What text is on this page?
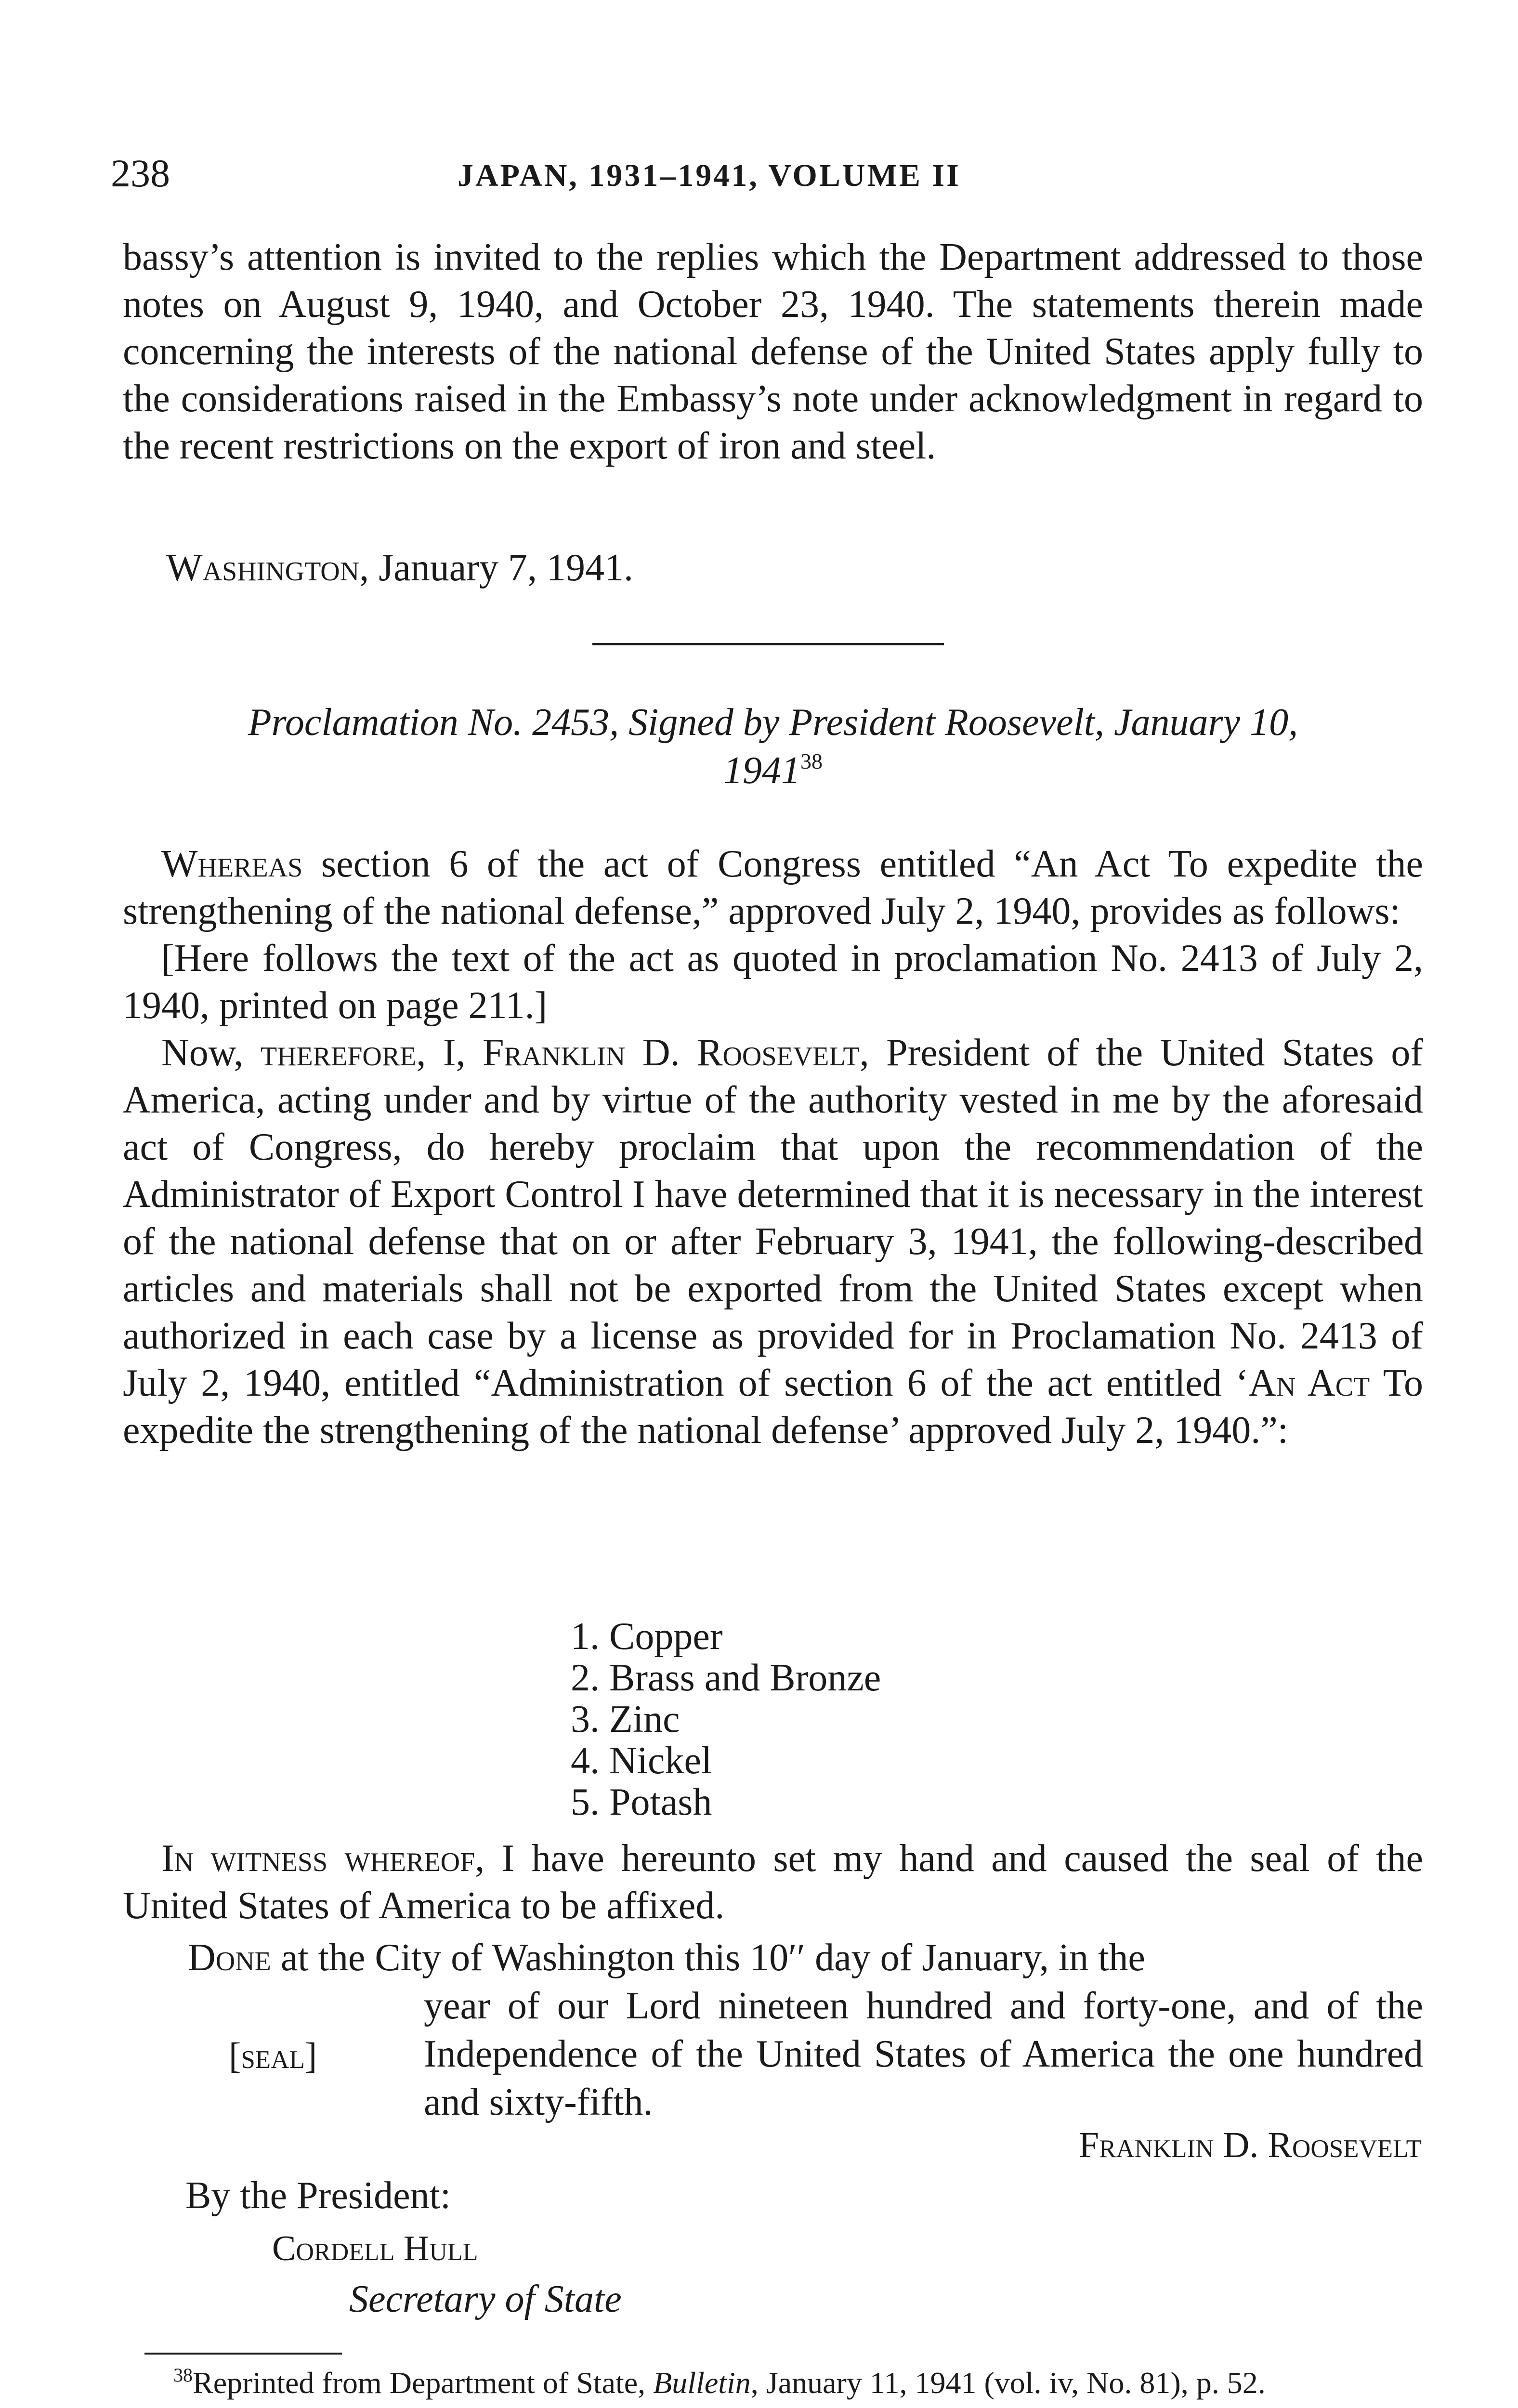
238	JAPAN, 1931–1941, VOLUME II

bassy’s attention is invited to the replies which the Department addressed to those notes on August 9, 1940, and October 23, 1940. The statements therein made concerning the interests of the national defense of the United States apply fully to the considerations raised in the Embassy’s note under acknowledgment in regard to the recent restrictions on the export of iron and steel.

Washington, January 7, 1941.
Proclamation No. 2453, Signed by President Roosevelt, January 10,
1941$^{38}$

Whereas section 6 of the act of Congress entitled “An Act To expedite the strengthening of the national defense,” approved July 2, 1940, provides as follows:

[Here follows the text of the act as quoted in proclamation No. 2413 of July 2, 1940, printed on page 211.]

Now, therefore, I, Franklin D. Roosevelt, President of the United States of America, acting under and by virtue of the authority vested in me by the aforesaid act of Congress, do hereby proclaim that upon the recommendation of the Administrator of Export Control I have determined that it is necessary in the interest of the national defense that on or after February 3, 1941, the following-described articles and materials shall not be exported from the United States except when authorized in each case by a license as provided for in Proclamation No. 2413 of July 2, 1940, entitled “Administration of section 6 of the act entitled ‘An Act To expedite the strengthening of the national defense’ approved July 2, 1940.”:

1. Copper
2. Brass and Bronze
3. Zinc
4. Nickel
5. Potash

In witness whereof, I have hereunto set my hand and caused the seal of the United States of America to be affixed.

Done at the City of Washington this 10′′ day of January, in the
year of our Lord nineteen hundred and forty-one, and of the Independence of the United States of America the one hundred and sixty-fifth.
[seal]
Franklin D. Roosevelt
By the President:
Cordell Hull
Secretary of State
$^{38}$Reprinted from Department of State, Bulletin, January 11, 1941 (vol. iv, No. 81), p. 52.
